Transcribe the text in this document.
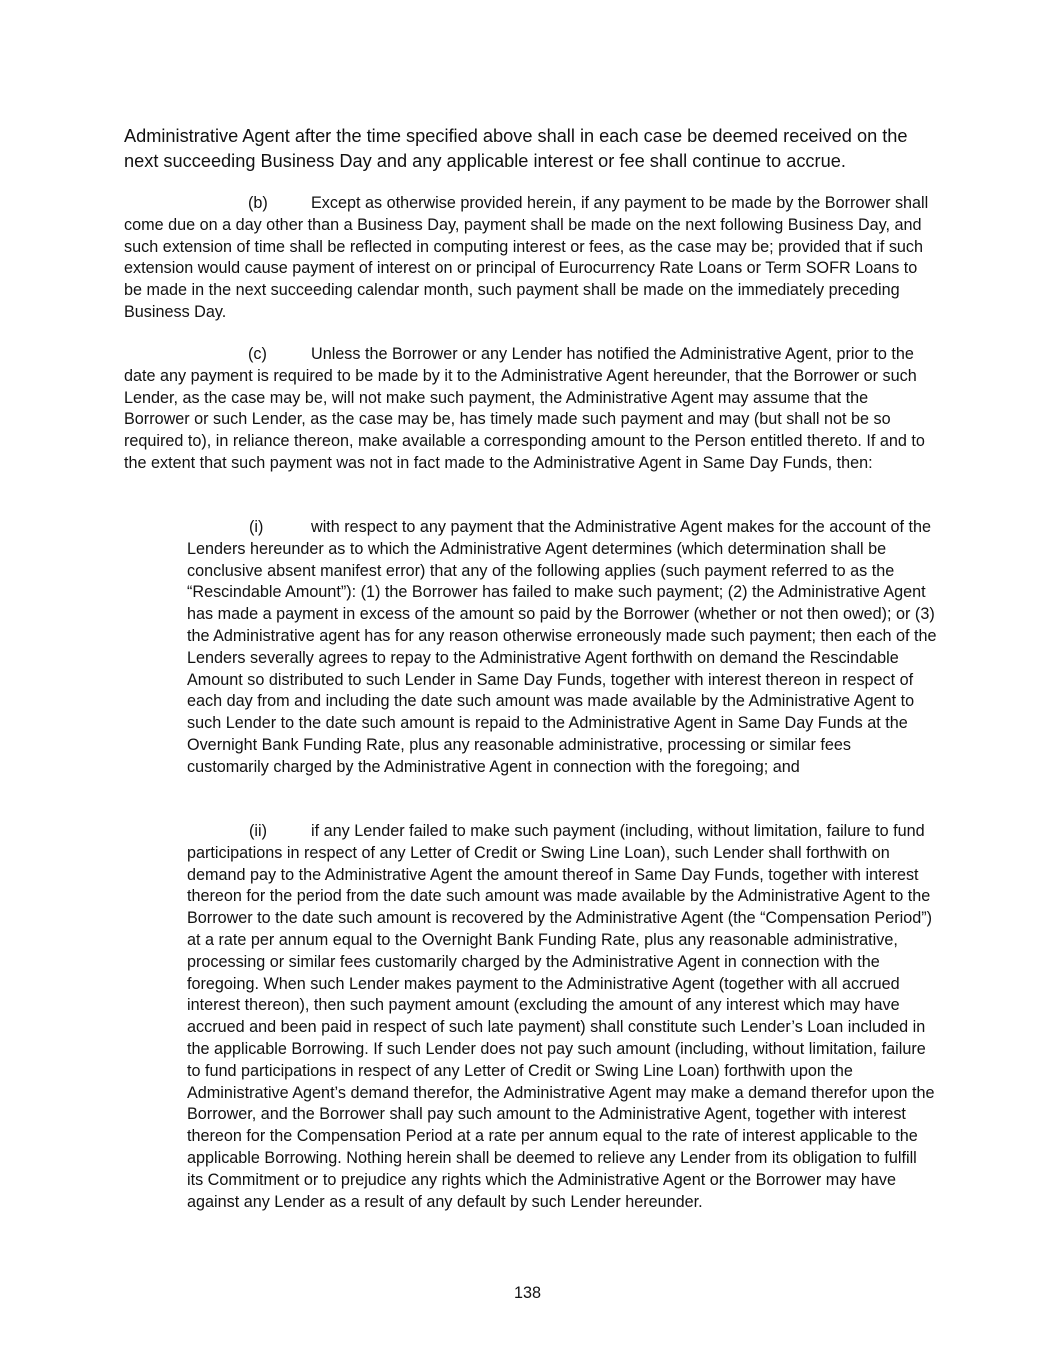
Administrative Agent after the time specified above shall in each case be deemed received on the next succeeding Business Day and any applicable interest or fee shall continue to accrue.

(b)	Except as otherwise provided herein, if any payment to be made by the Borrower shall come due on a day other than a Business Day, payment shall be made on the next following Business Day, and such extension of time shall be reflected in computing interest or fees, as the case may be; provided that if such extension would cause payment of interest on or principal of Eurocurrency Rate Loans or Term SOFR Loans to be made in the next succeeding calendar month, such payment shall be made on the immediately preceding Business Day.

(c)	Unless the Borrower or any Lender has notified the Administrative Agent, prior to the date any payment is required to be made by it to the Administrative Agent hereunder, that the Borrower or such Lender, as the case may be, will not make such payment, the Administrative Agent may assume that the Borrower or such Lender, as the case may be, has timely made such payment and may (but shall not be so required to), in reliance thereon, make available a corresponding amount to the Person entitled thereto. If and to the extent that such payment was not in fact made to the Administrative Agent in Same Day Funds, then:

(i)	with respect to any payment that the Administrative Agent makes for the account of the Lenders hereunder as to which the Administrative Agent determines (which determination shall be conclusive absent manifest error) that any of the following applies (such payment referred to as the “Rescindable Amount”): (1) the Borrower has failed to make such payment; (2) the Administrative Agent has made a payment in excess of the amount so paid by the Borrower (whether or not then owed); or (3) the Administrative agent has for any reason otherwise erroneously made such payment; then each of the Lenders severally agrees to repay to the Administrative Agent forthwith on demand the Rescindable Amount so distributed to such Lender in Same Day Funds, together with interest thereon in respect of each day from and including the date such amount was made available by the Administrative Agent to such Lender to the date such amount is repaid to the Administrative Agent in Same Day Funds at the Overnight Bank Funding Rate, plus any reasonable administrative, processing or similar fees customarily charged by the Administrative Agent in connection with the foregoing; and

(ii)	if any Lender failed to make such payment (including, without limitation, failure to fund participations in respect of any Letter of Credit or Swing Line Loan), such Lender shall forthwith on demand pay to the Administrative Agent the amount thereof in Same Day Funds, together with interest thereon for the period from the date such amount was made available by the Administrative Agent to the Borrower to the date such amount is recovered by the Administrative Agent (the “Compensation Period”) at a rate per annum equal to the Overnight Bank Funding Rate, plus any reasonable administrative, processing or similar fees customarily charged by the Administrative Agent in connection with the foregoing. When such Lender makes payment to the Administrative Agent (together with all accrued interest thereon), then such payment amount (excluding the amount of any interest which may have accrued and been paid in respect of such late payment) shall constitute such Lender’s Loan included in the applicable Borrowing. If such Lender does not pay such amount (including, without limitation, failure to fund participations in respect of any Letter of Credit or Swing Line Loan) forthwith upon the Administrative Agent’s demand therefor, the Administrative Agent may make a demand therefor upon the Borrower, and the Borrower shall pay such amount to the Administrative Agent, together with interest thereon for the Compensation Period at a rate per annum equal to the rate of interest applicable to the applicable Borrowing. Nothing herein shall be deemed to relieve any Lender from its obligation to fulfill its Commitment or to prejudice any rights which the Administrative Agent or the Borrower may have against any Lender as a result of any default by such Lender hereunder.

138
